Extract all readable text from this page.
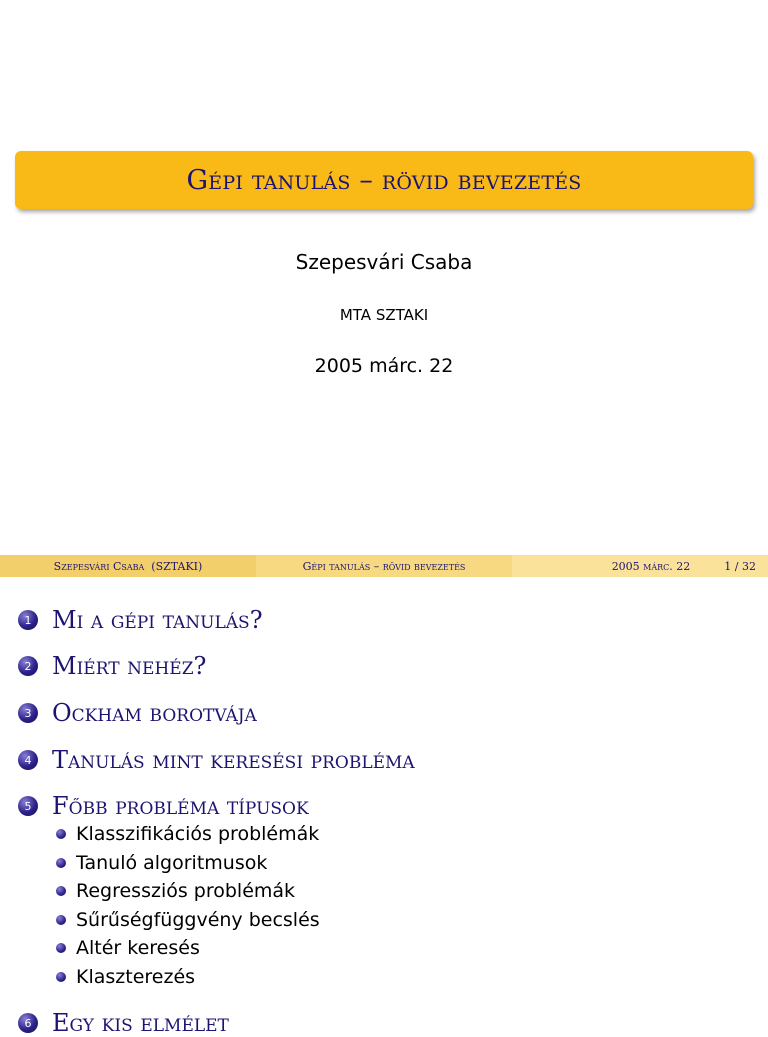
Gépi tanulás – rövid bevezetés
Szepesvári Csaba
MTA SZTAKI
2005 márc. 22
Szepesvári Csaba  (SZTAKI)	Gépi tanulás – rövid bevezetés	2005 márc. 22	1 / 32
1 Mi a gépi tanulás?
2 Miért nehéz?
3 Ockham borotvája
4 Tanulás mint keresési probléma
5 Főbb probléma típusok
Klasszifikációs problémák
Tanuló algoritmusok
Regressziós problémák
Sűrűségfüggvény becslés
Altér keresés
Klaszterezés
6 Egy kis elmélet
